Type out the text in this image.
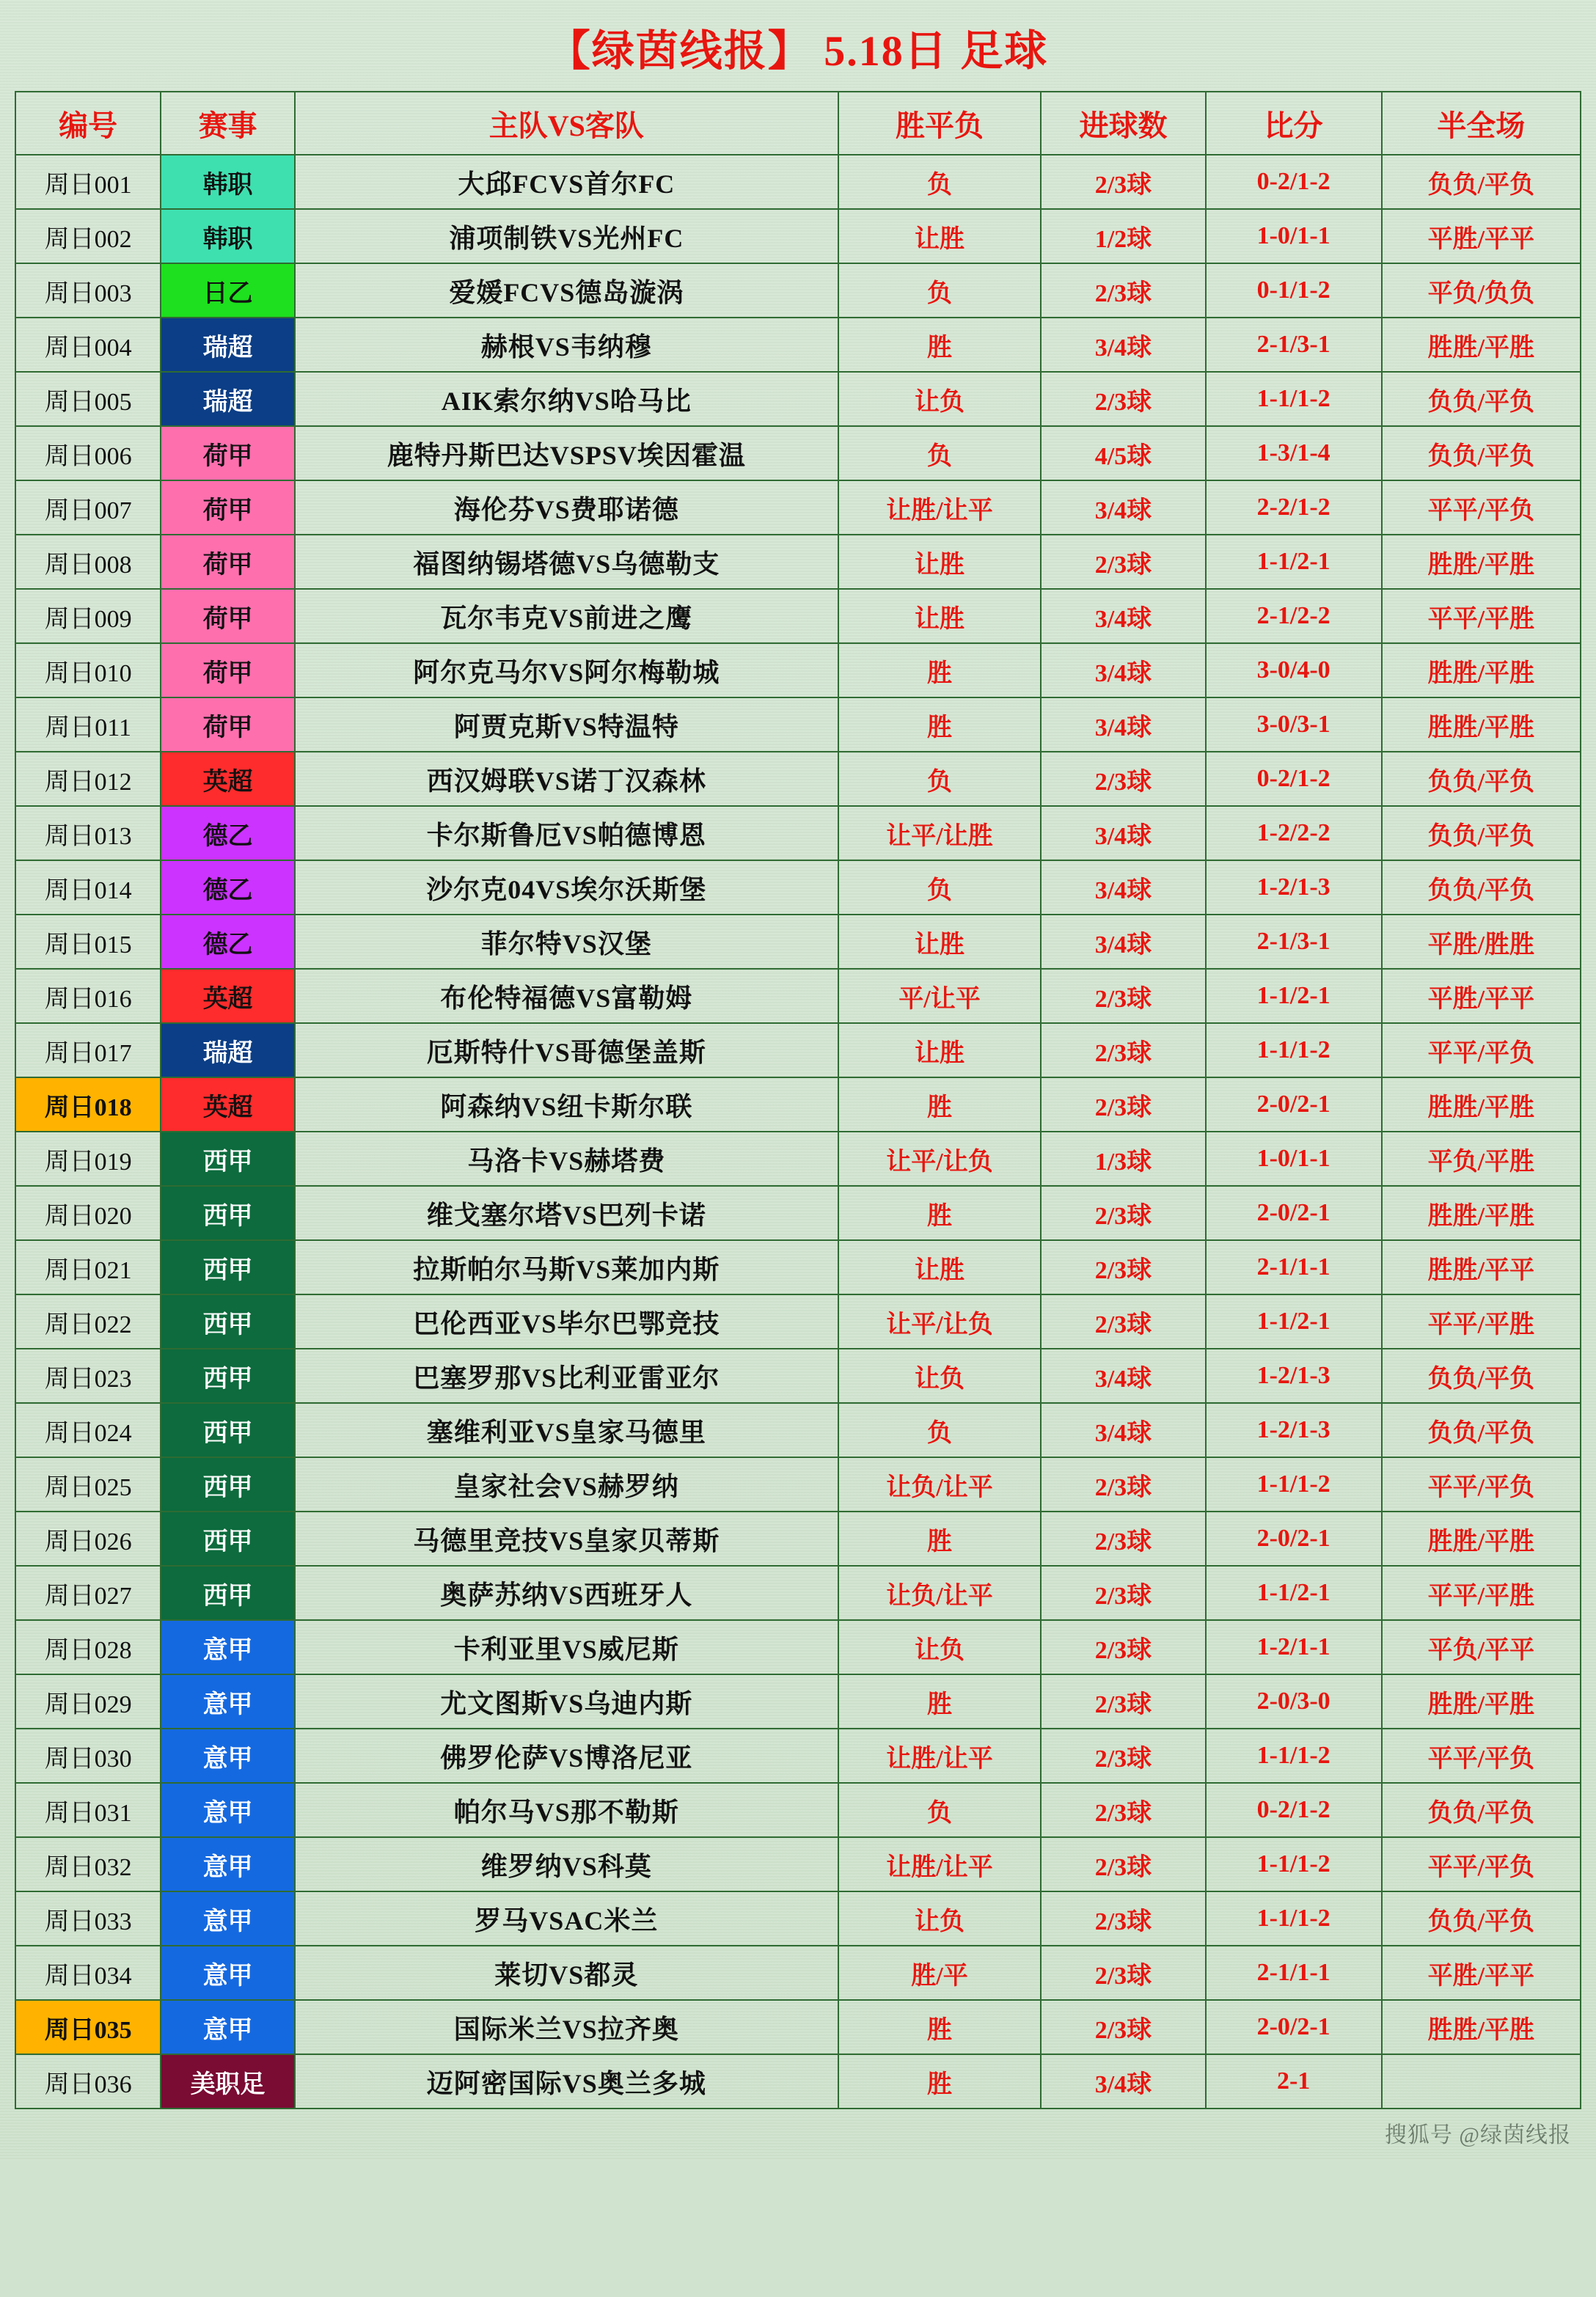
【绿茵线报】 5.18日 足球
编号	赛事	主队VS客队	胜平负	进球数	比分	半全场
周日001	韩职	大邱FCVS首尔FC	负	2/3球	0-2/1-2	负负/平负
周日002	韩职	浦项制铁VS光州FC	让胜	1/2球	1-0/1-1	平胜/平平
周日003	日乙	爱媛FCVS德岛漩涡	负	2/3球	0-1/1-2	平负/负负
周日004	瑞超	赫根VS韦纳穆	胜	3/4球	2-1/3-1	胜胜/平胜
周日005	瑞超	AIK索尔纳VS哈马比	让负	2/3球	1-1/1-2	负负/平负
周日006	荷甲	鹿特丹斯巴达VSPSV埃因霍温	负	4/5球	1-3/1-4	负负/平负
周日007	荷甲	海伦芬VS费耶诺德	让胜/让平	3/4球	2-2/1-2	平平/平负
周日008	荷甲	福图纳锡塔德VS乌德勒支	让胜	2/3球	1-1/2-1	胜胜/平胜
周日009	荷甲	瓦尔韦克VS前进之鹰	让胜	3/4球	2-1/2-2	平平/平胜
周日010	荷甲	阿尔克马尔VS阿尔梅勒城	胜	3/4球	3-0/4-0	胜胜/平胜
周日011	荷甲	阿贾克斯VS特温特	胜	3/4球	3-0/3-1	胜胜/平胜
周日012	英超	西汉姆联VS诺丁汉森林	负	2/3球	0-2/1-2	负负/平负
周日013	德乙	卡尔斯鲁厄VS帕德博恩	让平/让胜	3/4球	1-2/2-2	负负/平负
周日014	德乙	沙尔克04VS埃尔沃斯堡	负	3/4球	1-2/1-3	负负/平负
周日015	德乙	菲尔特VS汉堡	让胜	3/4球	2-1/3-1	平胜/胜胜
周日016	英超	布伦特福德VS富勒姆	平/让平	2/3球	1-1/2-1	平胜/平平
周日017	瑞超	厄斯特什VS哥德堡盖斯	让胜	2/3球	1-1/1-2	平平/平负
周日018	英超	阿森纳VS纽卡斯尔联	胜	2/3球	2-0/2-1	胜胜/平胜
周日019	西甲	马洛卡VS赫塔费	让平/让负	1/3球	1-0/1-1	平负/平胜
周日020	西甲	维戈塞尔塔VS巴列卡诺	胜	2/3球	2-0/2-1	胜胜/平胜
周日021	西甲	拉斯帕尔马斯VS莱加内斯	让胜	2/3球	2-1/1-1	胜胜/平平
周日022	西甲	巴伦西亚VS毕尔巴鄂竞技	让平/让负	2/3球	1-1/2-1	平平/平胜
周日023	西甲	巴塞罗那VS比利亚雷亚尔	让负	3/4球	1-2/1-3	负负/平负
周日024	西甲	塞维利亚VS皇家马德里	负	3/4球	1-2/1-3	负负/平负
周日025	西甲	皇家社会VS赫罗纳	让负/让平	2/3球	1-1/1-2	平平/平负
周日026	西甲	马德里竞技VS皇家贝蒂斯	胜	2/3球	2-0/2-1	胜胜/平胜
周日027	西甲	奥萨苏纳VS西班牙人	让负/让平	2/3球	1-1/2-1	平平/平胜
周日028	意甲	卡利亚里VS威尼斯	让负	2/3球	1-2/1-1	平负/平平
周日029	意甲	尤文图斯VS乌迪内斯	胜	2/3球	2-0/3-0	胜胜/平胜
周日030	意甲	佛罗伦萨VS博洛尼亚	让胜/让平	2/3球	1-1/1-2	平平/平负
周日031	意甲	帕尔马VS那不勒斯	负	2/3球	0-2/1-2	负负/平负
周日032	意甲	维罗纳VS科莫	让胜/让平	2/3球	1-1/1-2	平平/平负
周日033	意甲	罗马VSAC米兰	让负	2/3球	1-1/1-2	负负/平负
周日034	意甲	莱切VS都灵	胜/平	2/3球	2-1/1-1	平胜/平平
周日035	意甲	国际米兰VS拉齐奥	胜	2/3球	2-0/2-1	胜胜/平胜
周日036	美职足	迈阿密国际VS奥兰多城	胜	3/4球	2-1	
搜狐号 @绿茵线报
